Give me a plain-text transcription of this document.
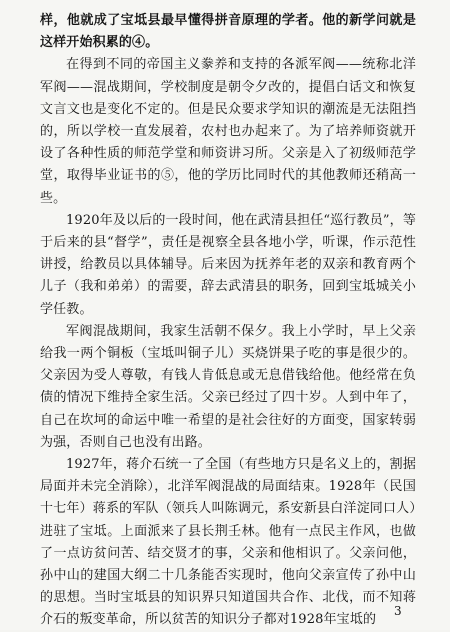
样，他就成了宝坻县最早懂得拼音原理的学者。他的新学问就是这样开始积累的④。

在得到不同的帝国主义豢养和支持的各派军阀——统称北洋军阀——混战期间，学校制度是朝令夕改的，提倡白话文和恢复文言文也是变化不定的。但是民众要求学知识的潮流是无法阻挡的，所以学校一直发展着，农村也办起来了。为了培养师资就开设了各种性质的师范学堂和师资讲习所。父亲是入了初级师范学堂，取得毕业证书的⑤，他的学历比同时代的其他教师还稍高一些。

1920年及以后的一段时间，他在武清县担任“巡行教员”，等于后来的县“督学”，责任是视察全县各地小学，听课，作示范性讲授，给教员以具体辅导。后来因为抚养年老的双亲和教育两个儿子（我和弟弟）的需要，辞去武清县的职务，回到宝坻城关小学任教。

军阀混战期间，我家生活朝不保夕。我上小学时，早上父亲给我一两个铜板（宝坻叫铜子儿）买烧饼果子吃的事是很少的。父亲因为受人尊敬，有钱人肯低息或无息借钱给他。他经常在负债的情况下维持全家生活。父亲已经过了四十岁。人到中年了，自己在坎坷的命运中唯一希望的是社会往好的方面变，国家转弱为强，否则自己也没有出路。

1927年，蒋介石统一了全国（有些地方只是名义上的，割据局面并未完全消除），北洋军阀混战的局面结束。1928年（民国十七年）蒋系的军队（领兵人叫陈调元，系安新县白洋淀同口人）进驻了宝坻。上面派来了县长荆壬林。他有一点民主作风，也做了一点访贫问苦、结交贤才的事，父亲和他相识了。父亲问他，孙中山的建国大纲二十几条能否实现时，他向父亲宣传了孙中山的思想。当时宝坻县的知识界只知道国共合作、北伐，而不知蒋介石的叛变革命，所以贫苦的知识分子都对1928年宝坻的

3
